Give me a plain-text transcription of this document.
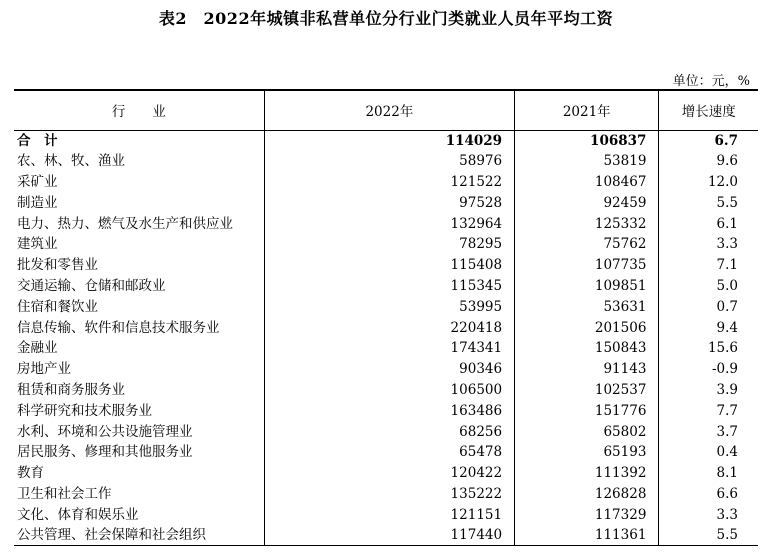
表2　2022年城镇非私营单位分行业门类就业人员年平均工资
单位：元，%
行　　业	2022年	2021年	增长速度
合　计	114029	106837	6.7
农、林、牧、渔业	58976	53819	9.6
采矿业	121522	108467	12.0
制造业	97528	92459	5.5
电力、热力、燃气及水生产和供应业	132964	125332	6.1
建筑业	78295	75762	3.3
批发和零售业	115408	107735	7.1
交通运输、仓储和邮政业	115345	109851	5.0
住宿和餐饮业	53995	53631	0.7
信息传输、软件和信息技术服务业	220418	201506	9.4
金融业	174341	150843	15.6
房地产业	90346	91143	-0.9
租赁和商务服务业	106500	102537	3.9
科学研究和技术服务业	163486	151776	7.7
水利、环境和公共设施管理业	68256	65802	3.7
居民服务、修理和其他服务业	65478	65193	0.4
教育	120422	111392	8.1
卫生和社会工作	135222	126828	6.6
文化、体育和娱乐业	121151	117329	3.3
公共管理、社会保障和社会组织	117440	111361	5.5
